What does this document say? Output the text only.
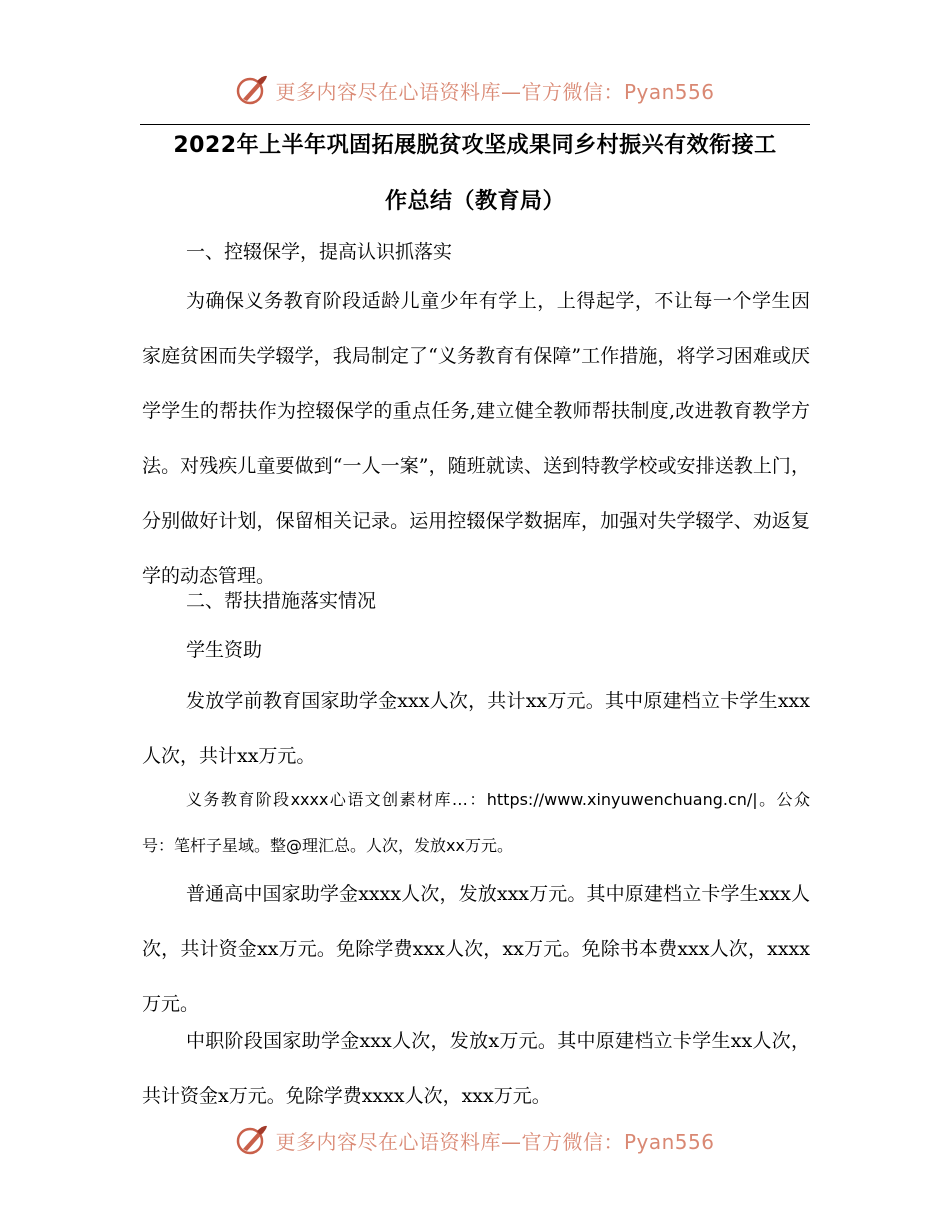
更多内容尽在心语资料库—官方微信：Pyan556
2022年上半年巩固拓展脱贫攻坚成果同乡村振兴有效衔接工
作总结（教育局）

一、控辍保学，提高认识抓落实

为确保义务教育阶段适龄儿童少年有学上，上得起学，不让每一个学生因家庭贫困而失学辍学，我局制定了“义务教育有保障”工作措施，将学习困难或厌学学生的帮扶作为控辍保学的重点任务,建立健全教师帮扶制度,改进教育教学方法。对残疾儿童要做到“一人一案”，随班就读、送到特教学校或安排送教上门，分别做好计划，保留相关记录。运用控辍保学数据库，加强对失学辍学、劝返复学的动态管理。

二、帮扶措施落实情况

学生资助

发放学前教育国家助学金xxx人次，共计xx万元。其中原建档立卡学生xxx人次，共计xx万元。

义务教育阶段xxxx心语文创素材库…：https://www.xinyuwenchuang.cn/|。公众号：笔杆子星域。整@理汇总。人次，发放xx万元。

普通高中国家助学金xxxx人次，发放xxx万元。其中原建档立卡学生xxx人次，共计资金xx万元。免除学费xxx人次，xx万元。免除书本费xxx人次，xxxx万元。

中职阶段国家助学金xxx人次，发放x万元。其中原建档立卡学生xx人次，共计资金x万元。免除学费xxxx人次，xxx万元。

更多内容尽在心语资料库—官方微信：Pyan556
